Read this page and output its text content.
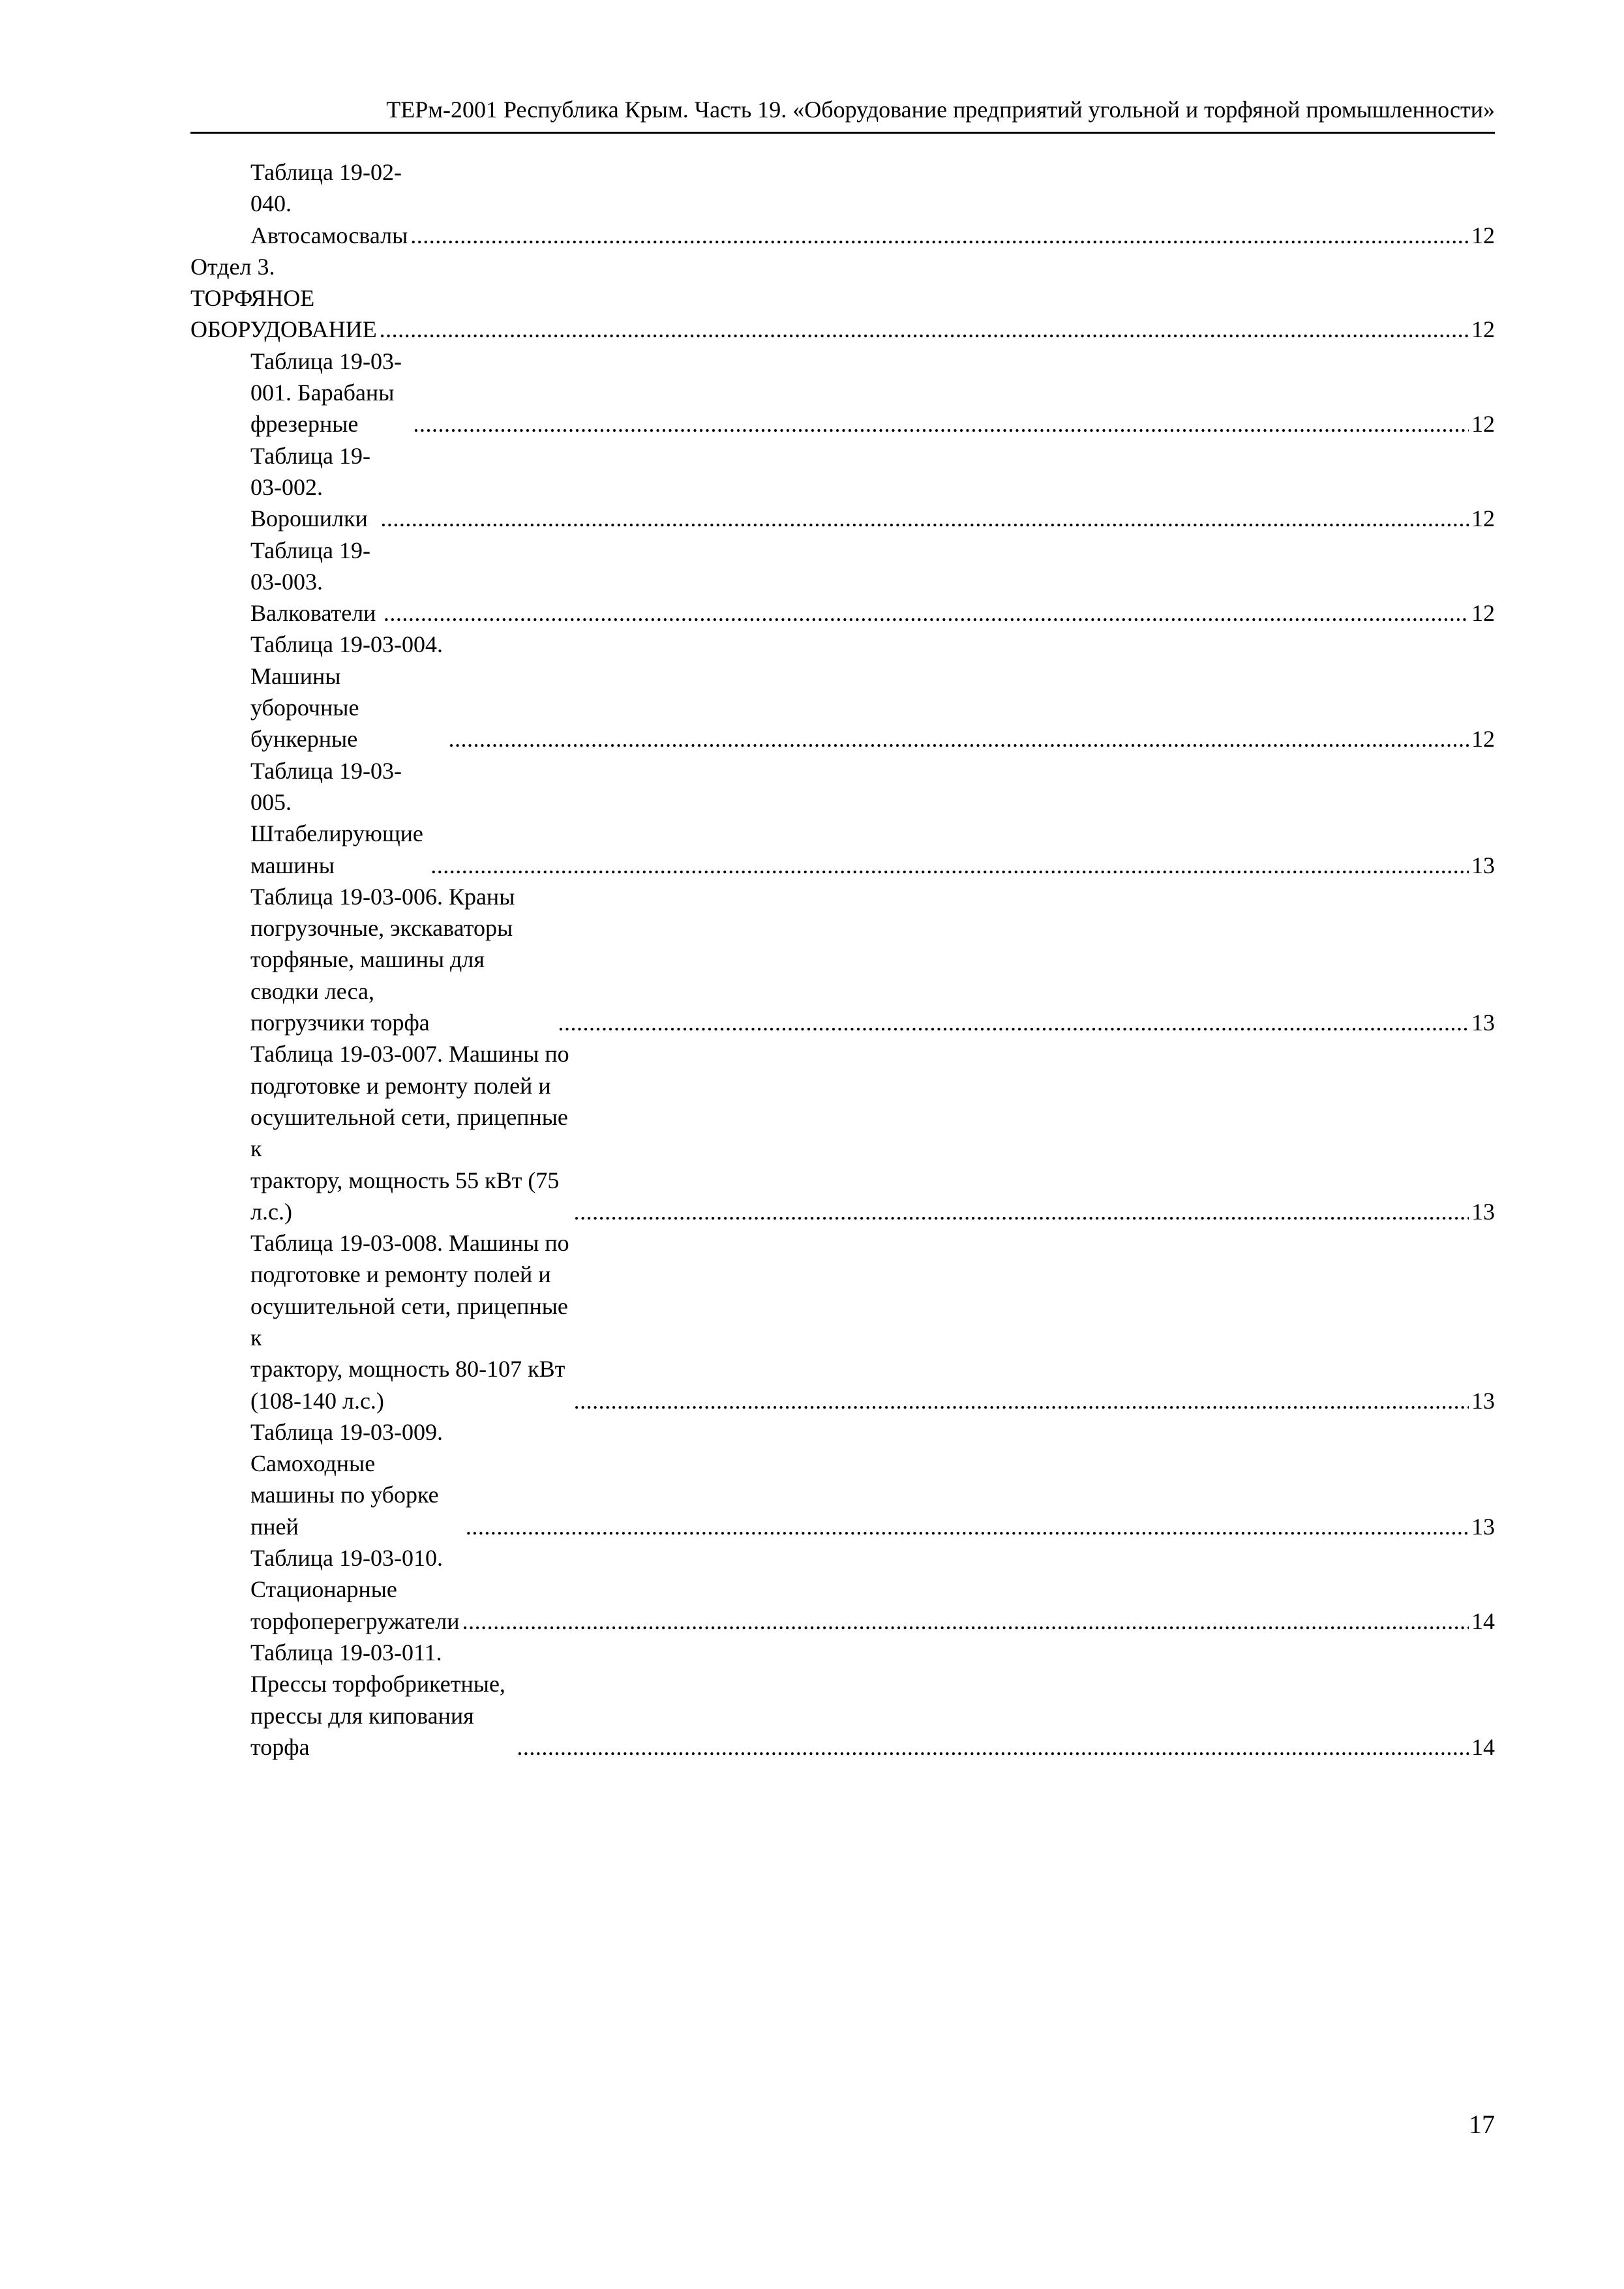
ТЕРм-2001 Республика Крым. Часть 19. «Оборудование предприятий угольной и торфяной промышленности»
Таблица 19-02-040. Автосамосвалы .....	12
Отдел 3. ТОРФЯНОЕ ОБОРУДОВАНИЕ .....	12
Таблица 19-03-001. Барабаны фрезерные .....	12
Таблица 19-03-002. Ворошилки .....	12
Таблица 19-03-003. Валкователи .....	12
Таблица 19-03-004. Машины уборочные бункерные .....	12
Таблица 19-03-005. Штабелирующие машины .....	13
Таблица 19-03-006. Краны погрузочные, экскаваторы торфяные, машины для сводки леса,
погрузчики торфа .....	13
Таблица 19-03-007. Машины по подготовке и ремонту полей и осушительной сети, прицепные к
трактору, мощность 55 кВт (75 л.с.) .....	13
Таблица 19-03-008. Машины по подготовке и ремонту полей и осушительной сети, прицепные к
трактору, мощность 80-107 кВт (108-140 л.с.) .....	13
Таблица 19-03-009. Самоходные машины по уборке пней .....	13
Таблица 19-03-010. Стационарные торфоперегружатели .....	14
Таблица 19-03-011. Прессы торфобрикетные, прессы для кипования торфа .....	14
17
